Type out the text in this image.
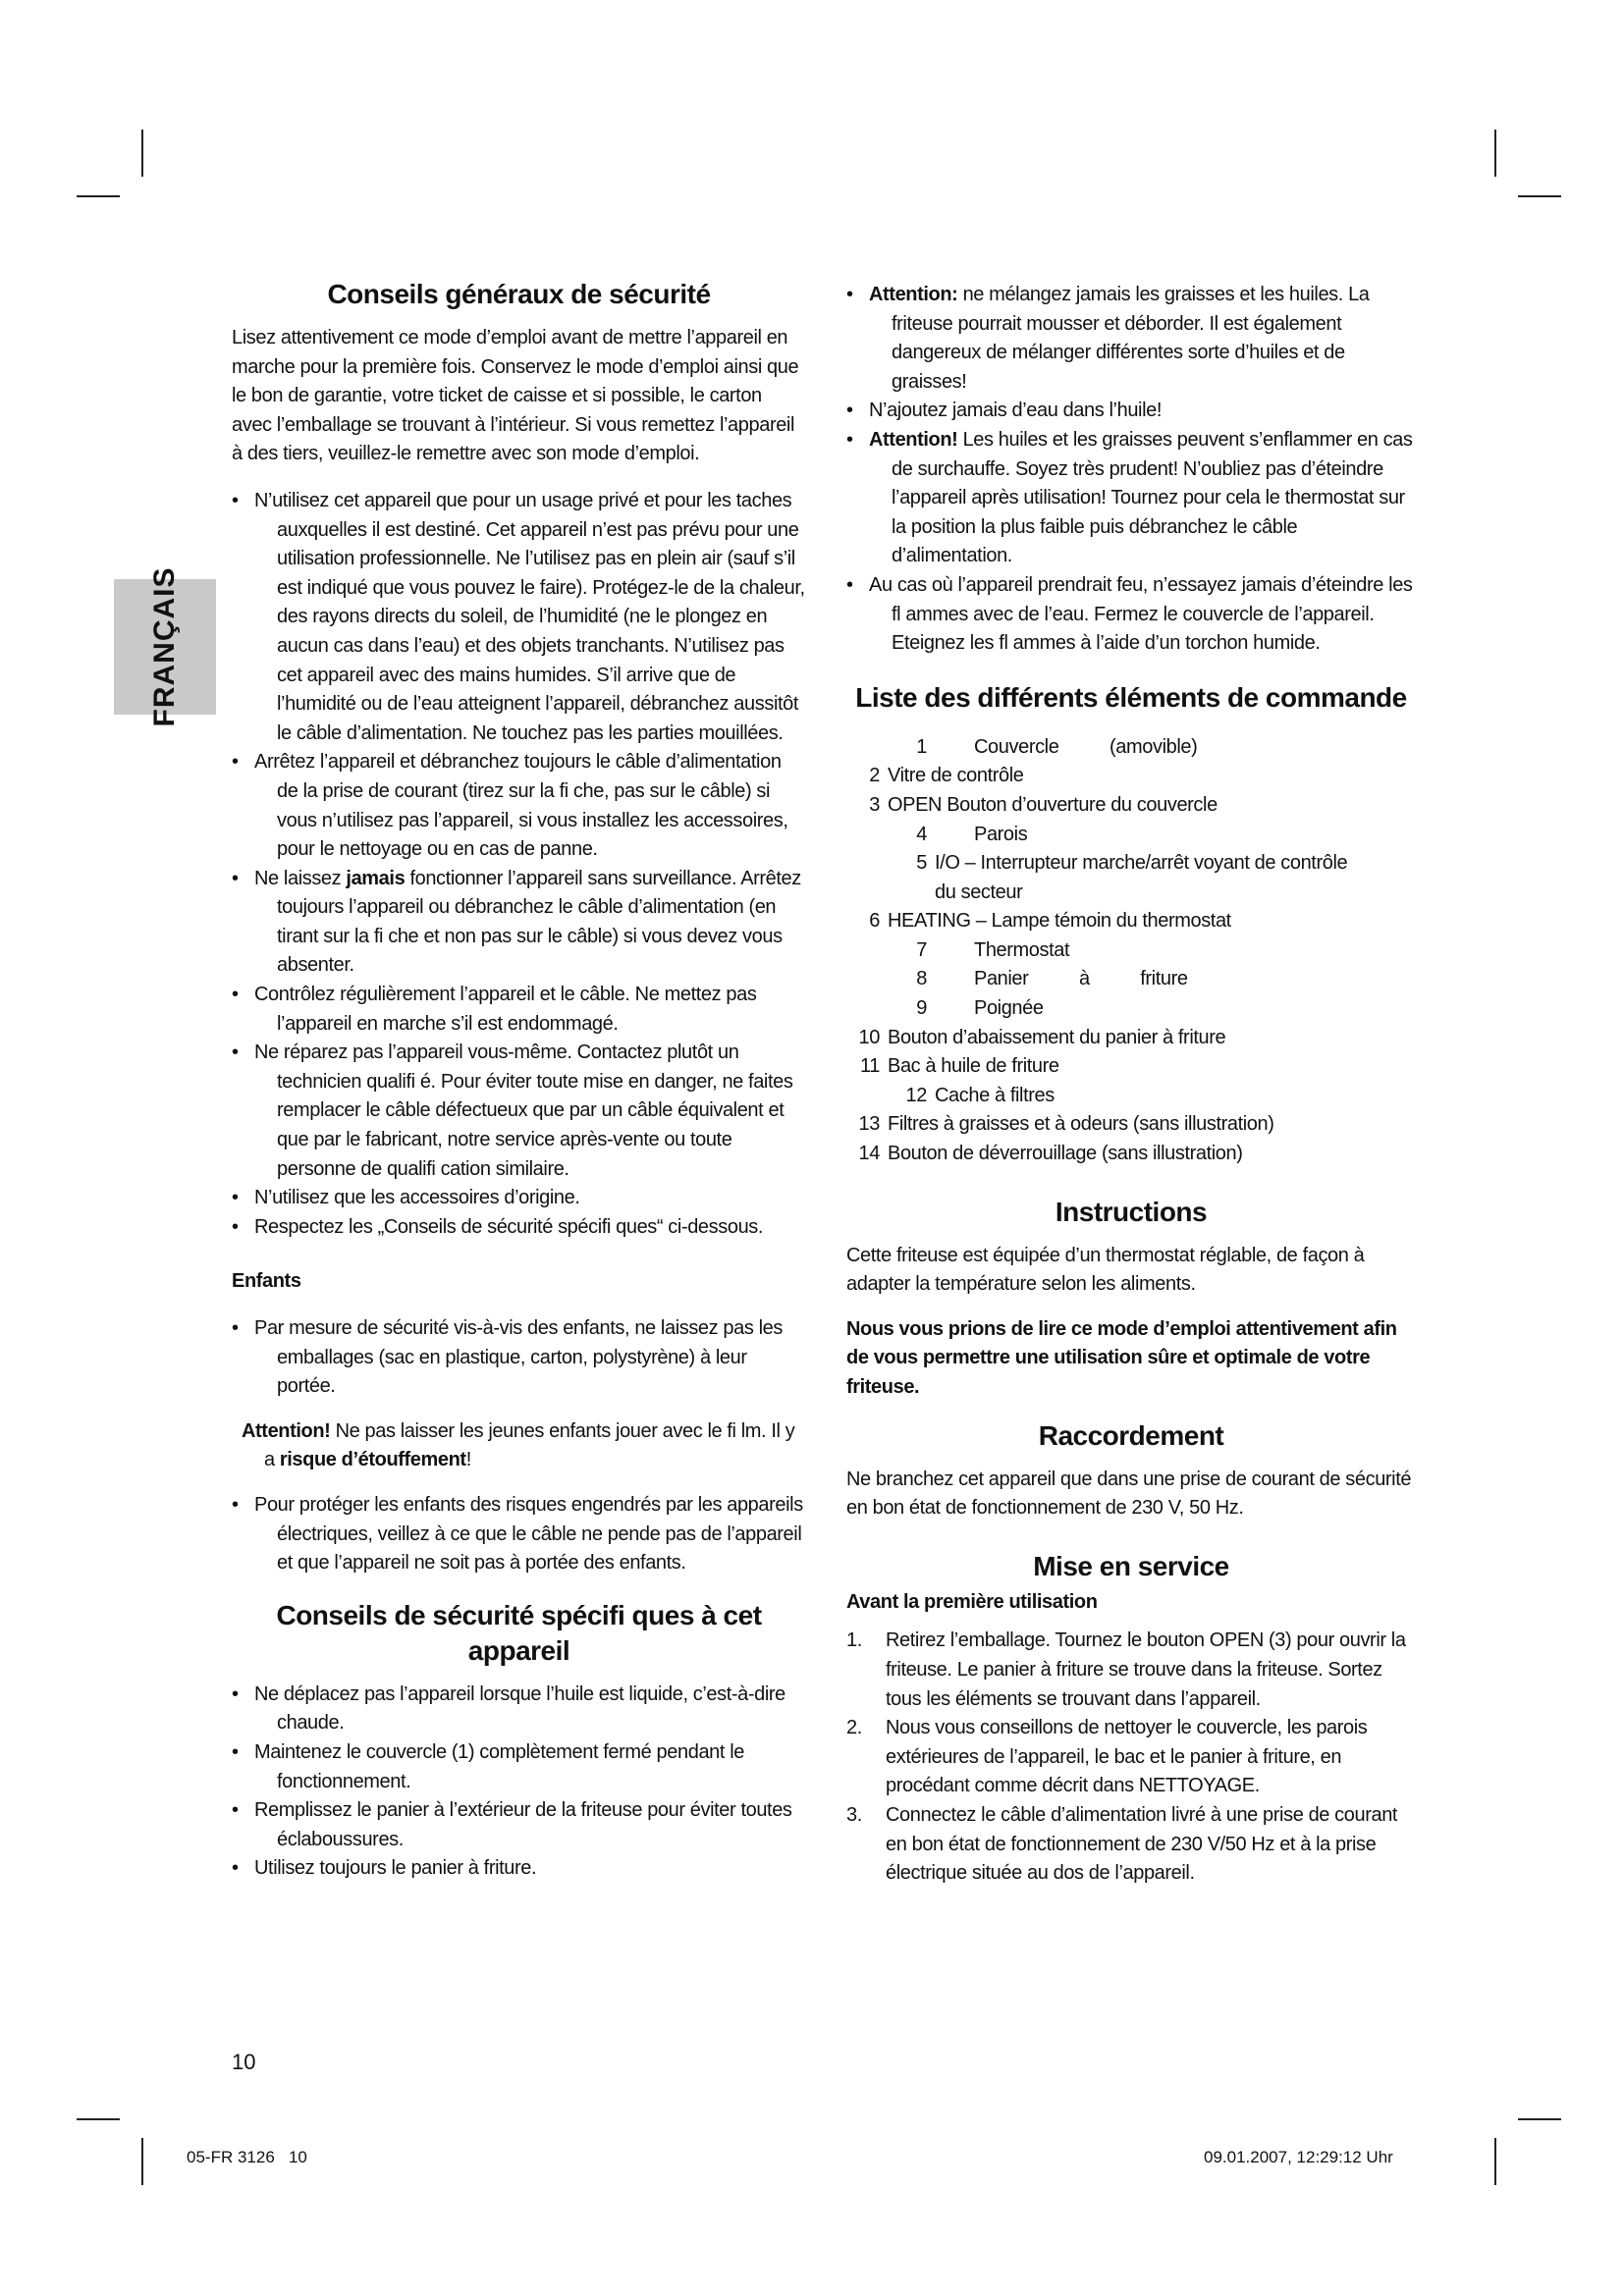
FRANÇAIS
Conseils généraux de sécurité

Lisez attentivement ce mode d’emploi avant de mettre l’appareil en marche pour la première fois. Conservez le mode d’emploi ainsi que le bon de garantie, votre ticket de caisse et si possible, le carton avec l’emballage se trouvant à l’intérieur. Si vous remettez l’appareil à des tiers, veuillez-le remettre avec son mode d’emploi.

• N’utilisez cet appareil que pour un usage privé et pour les taches auxquelles il est destiné. Cet appareil n’est pas prévu pour une utilisation professionnelle. Ne l’utilisez pas en plein air (sauf s’il est indiqué que vous pouvez le faire). Protégez-le de la chaleur, des rayons directs du soleil, de l’humidité (ne le plongez en aucun cas dans l’eau) et des objets tranchants. N’utilisez pas cet appareil avec des mains humides. S’il arrive que de l’humidité ou de l’eau atteignent l’appareil, débranchez aussitôt le câble d’alimentation. Ne touchez pas les parties mouillées.
• Arrêtez l’appareil et débranchez toujours le câble d’alimentation de la prise de courant (tirez sur la fi che, pas sur le câble) si vous n’utilisez pas l’appareil, si vous installez les accessoires, pour le nettoyage ou en cas de panne.
• Ne laissez jamais fonctionner l’appareil sans surveillance. Arrêtez toujours l’appareil ou débranchez le câble d’alimentation (en tirant sur la fi che et non pas sur le câble) si vous devez vous absenter.
• Contrôlez régulièrement l’appareil et le câble. Ne mettez pas l’appareil en marche s’il est endommagé.
• Ne réparez pas l’appareil vous-même. Contactez plutôt un technicien qualifi é. Pour éviter toute mise en danger, ne faites remplacer le câble défectueux que par un câble équivalent et que par le fabricant, notre service après-vente ou toute personne de qualifi cation similaire.
• N’utilisez que les accessoires d’origine.
• Respectez les „Conseils de sécurité spécifi ques“ ci-dessous.
Enfants
• Par mesure de sécurité vis-à-vis des enfants, ne laissez pas les emballages (sac en plastique, carton, polystyrène) à leur portée.

Attention! Ne pas laisser les jeunes enfants jouer avec le fi lm. Il y a risque d’étouffement!

• Pour protéger les enfants des risques engendrés par les appareils électriques, veillez à ce que le câble ne pende pas de l’appareil et que l’appareil ne soit pas à portée des enfants.
Conseils de sécurité spécifi ques à cet appareil
• Ne déplacez pas l’appareil lorsque l’huile est liquide, c’est-à-dire chaude.
• Maintenez le couvercle (1) complètement fermé pendant le fonctionnement.
• Remplissez le panier à l’extérieur de la friteuse pour éviter toutes éclaboussures.
• Utilisez toujours le panier à friture.
• Attention: ne mélangez jamais les graisses et les huiles. La friteuse pourrait mousser et déborder. Il est également dangereux de mélanger différentes sorte d’huiles et de graisses!
• N’ajoutez jamais d’eau dans l’huile!
• Attention! Les huiles et les graisses peuvent s’enflammer en cas de surchauffe. Soyez très prudent! N’oubliez pas d’éteindre l’appareil après utilisation! Tournez pour cela le thermostat sur la position la plus faible puis débranchez le câble d’alimentation.
• Au cas où l’appareil prendrait feu, n’essayez jamais d’éteindre les fl ammes avec de l’eau. Fermez le couvercle de l’appareil. Eteignez les fl ammes à l’aide d’un torchon humide.
Liste des différents éléments de commande
1	Couvercle          (amovible)
2 Vitre de contrôle
3 OPEN Bouton d’ouverture du couvercle
4	Parois
5 I/O – Interrupteur marche/arrêt voyant de contrôle du secteur
6 HEATING – Lampe témoin du thermostat
7	Thermostat
8	Panier          à          friture
9	Poignée
10 Bouton d’abaissement du panier à friture
11 Bac à huile de friture
12 Cache à filtres
13 Filtres à graisses et à odeurs (sans illustration)
14 Bouton de déverrouillage (sans illustration)
Instructions

Cette friteuse est équipée d’un thermostat réglable, de façon à adapter la température selon les aliments.

Nous vous prions de lire ce mode d’emploi attentivement afin de vous permettre une utilisation sûre et optimale de votre friteuse.

Raccordement

Ne branchez cet appareil que dans une prise de courant de sécurité en bon état de fonctionnement de 230 V, 50 Hz.

Mise en service

Avant la première utilisation

1.	Retirez l’emballage. Tournez le bouton OPEN (3) pour ouvrir la friteuse. Le panier à friture se trouve dans la friteuse. Sortez tous les éléments se trouvant dans l’appareil.
2.	Nous vous conseillons de nettoyer le couvercle, les parois extérieures de l’appareil, le bac et le panier à friture, en procédant comme décrit dans NETTOYAGE.
3.	Connectez le câble d’alimentation livré à une prise de courant en bon état de fonctionnement de 230 V/50 Hz et à la prise électrique située au dos de l’appareil.
10
05-FR 3126   10	09.01.2007, 12:29:12 Uhr
